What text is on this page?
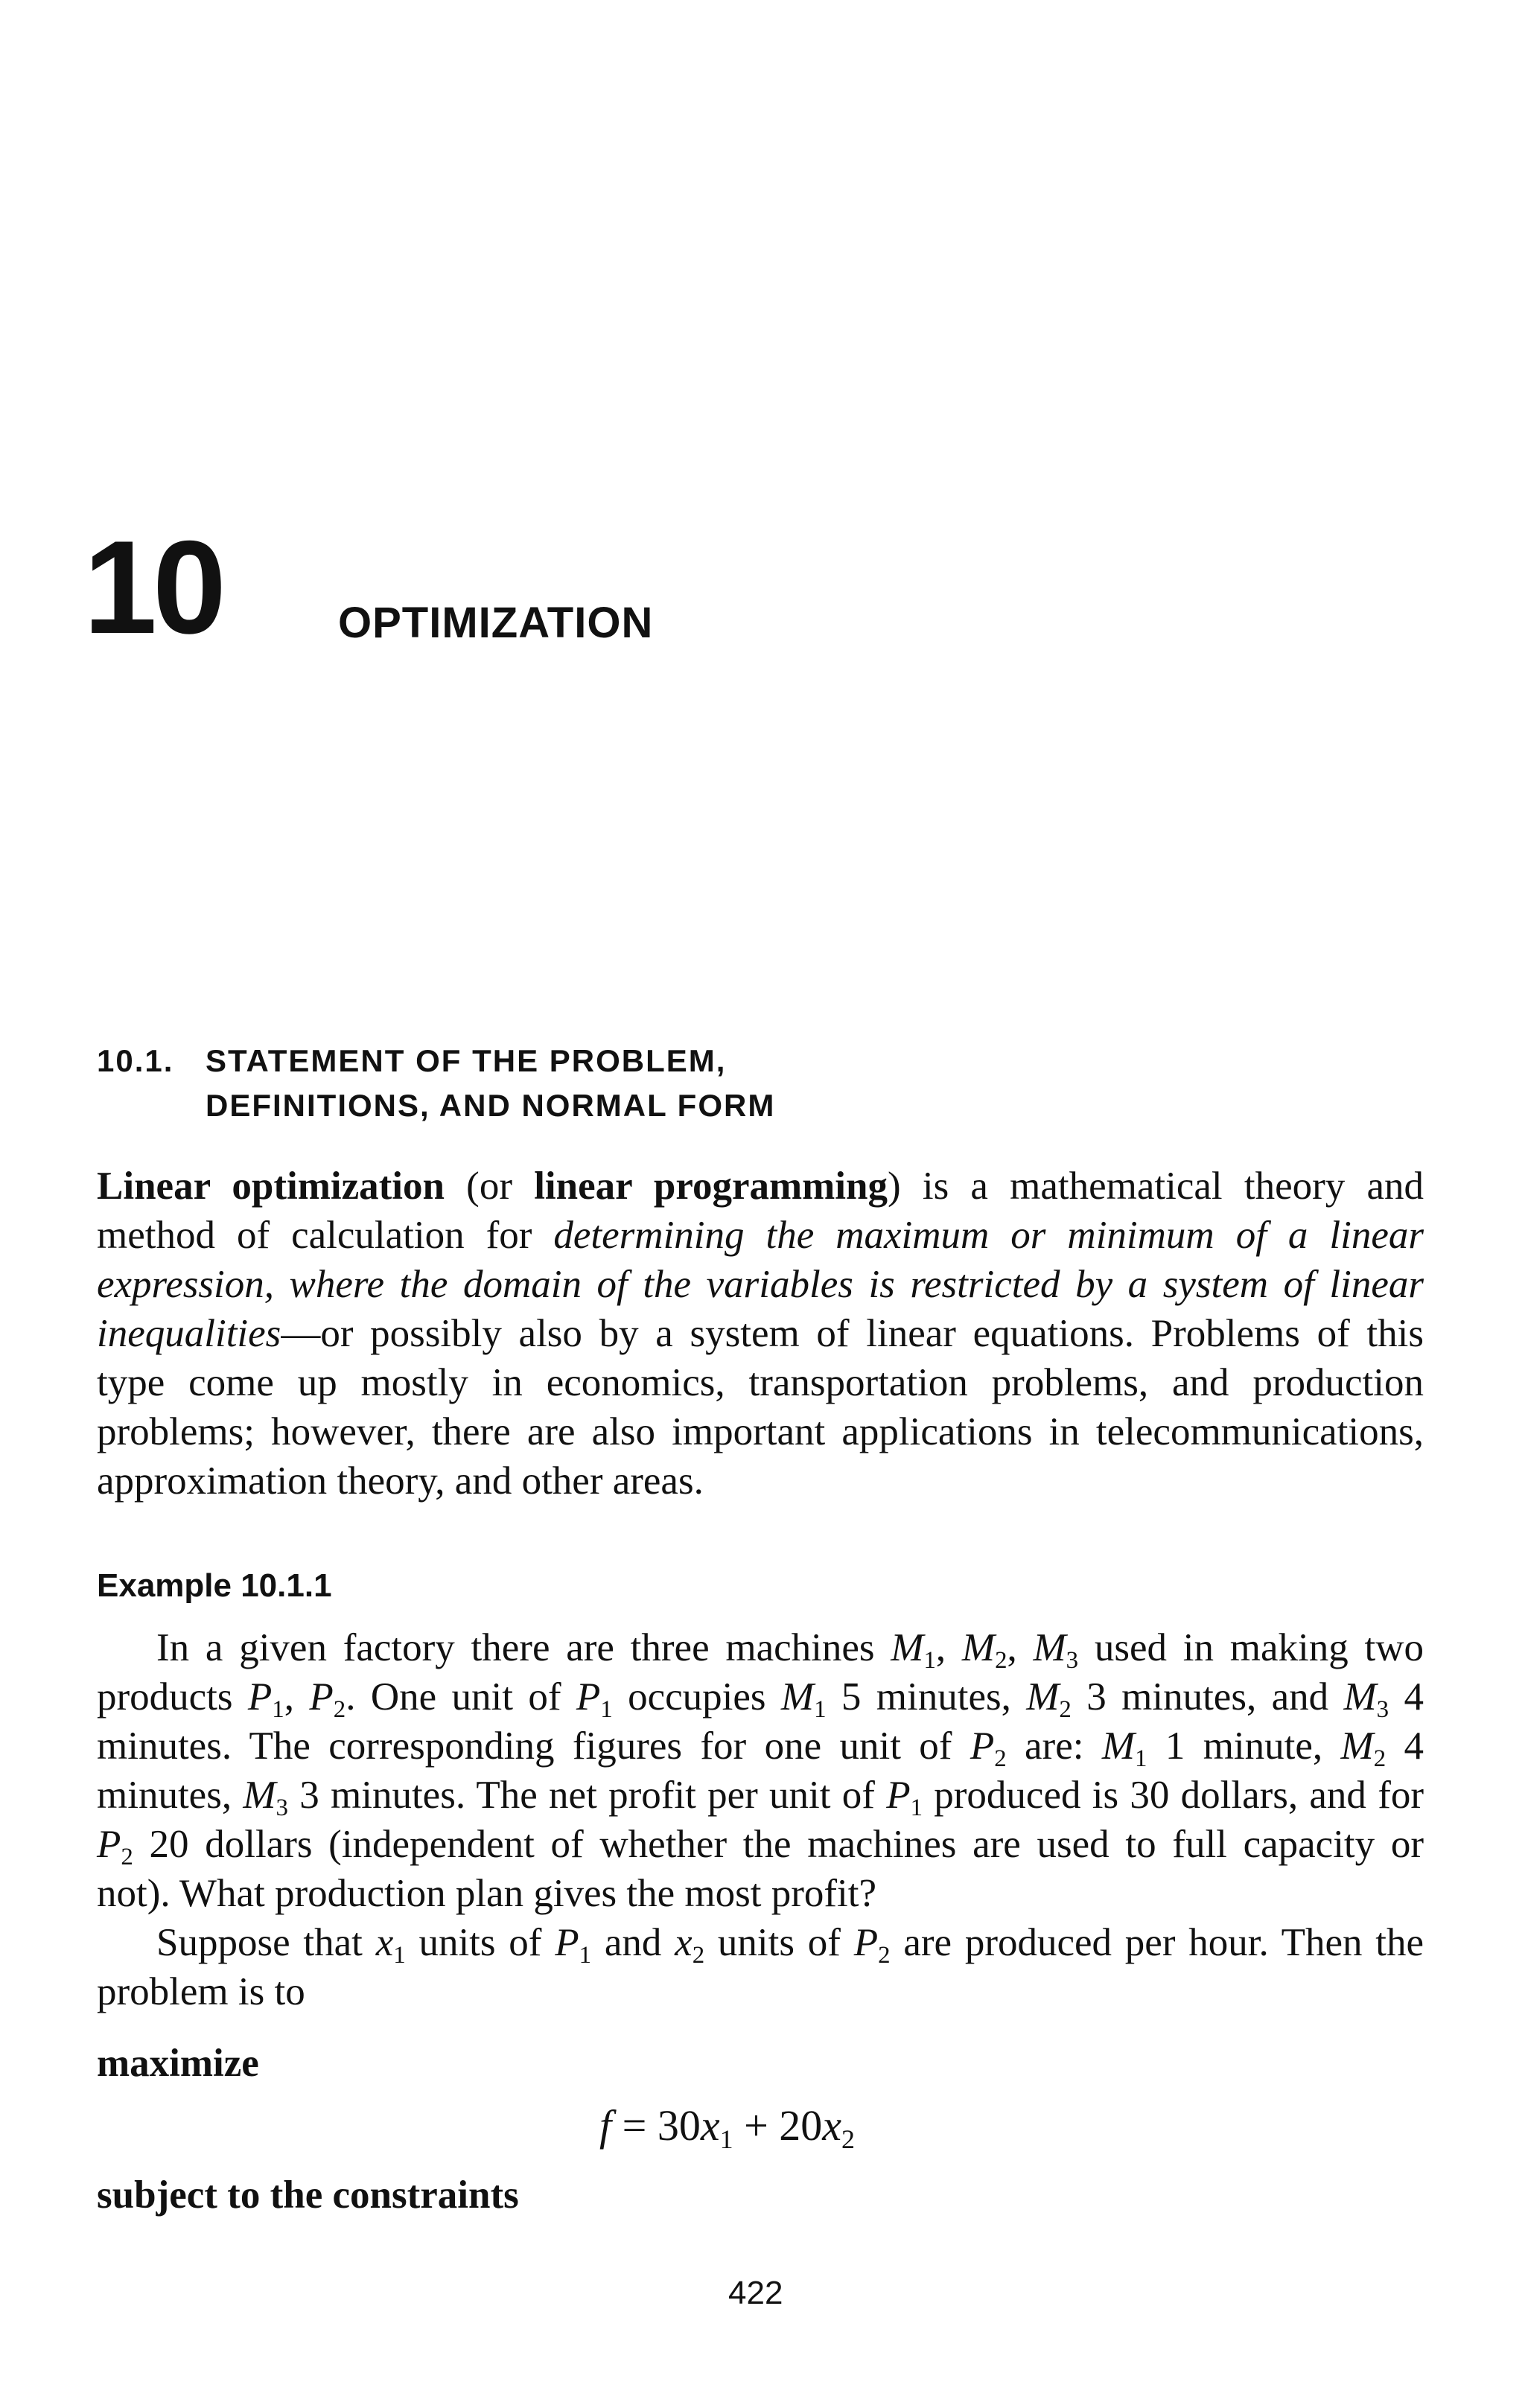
10	OPTIMIZATION
10.1. STATEMENT OF THE PROBLEM,
DEFINITIONS, AND NORMAL FORM

Linear optimization (or linear programming) is a mathematical theory and method of calculation for determining the maximum or minimum of a linear expression, where the domain of the variables is restricted by a system of linear inequalities—or possibly also by a system of linear equations. Problems of this type come up mostly in economics, transportation problems, and production problems; however, there are also important applications in telecommunications, approximation theory, and other areas.

Example 10.1.1

In a given factory there are three machines $M_1$, $M_2$, $M_3$ used in making two products $P_1$, $P_2$. One unit of $P_1$ occupies $M_1$ 5 minutes, $M_2$ 3 minutes, and $M_3$ 4 minutes. The corresponding figures for one unit of $P_2$ are: $M_1$ 1 minute, $M_2$ 4 minutes, $M_3$ 3 minutes. The net profit per unit of $P_1$ produced is 30 dollars, and for $P_2$ 20 dollars (independent of whether the machines are used to full capacity or not). What production plan gives the most profit?

Suppose that $x_1$ units of $P_1$ and $x_2$ units of $P_2$ are produced per hour. Then the problem is to

maximize
$f = 30x_1 + 20x_2$
subject to the constraints
422
